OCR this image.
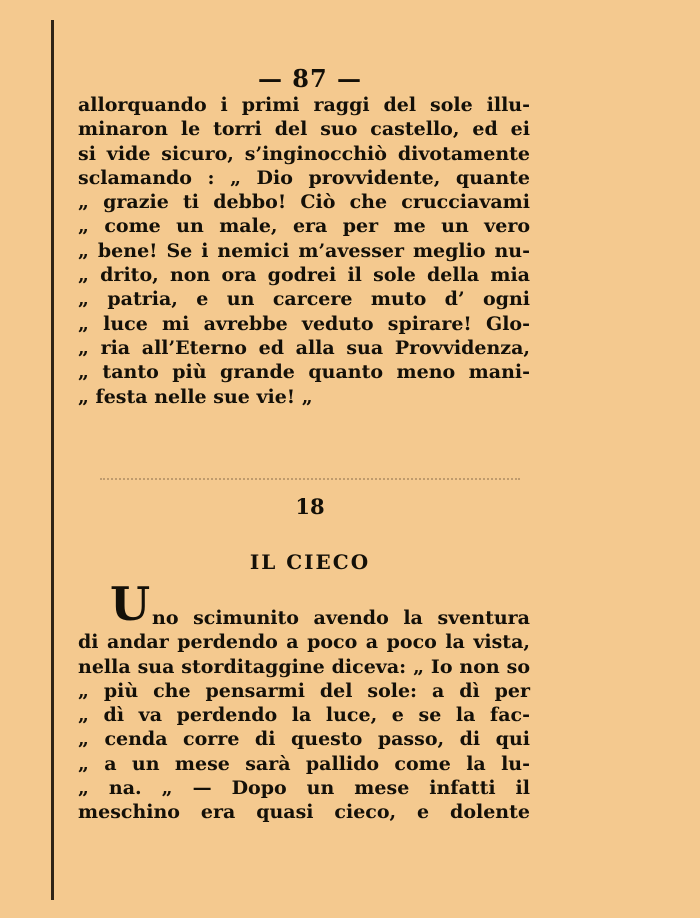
— 87 —
allorquando i primi raggi del sole illu-
minaron le torri del suo castello, ed ei
si vide sicuro, s’inginocchiò divotamente
sclamando : „ Dio provvidente, quante
„ grazie ti debbo! Ciò che crucciavami
„ come un male, era per me un vero
„ bene! Se i nemici m’avesser meglio nu-
„ drito, non ora godrei il sole della mia
„ patria, e un carcere muto d’ ogni
„ luce mi avrebbe veduto spirare! Glo-
„ ria all’Eterno ed alla sua Provvidenza,
„ tanto più grande quanto meno mani-
„ festa nelle sue vie! „
18
IL CIECO
U no scimunito avendo la sventura
di andar perdendo a poco a poco la vista,
nella sua storditaggine diceva: „ Io non so
„ più che pensarmi del sole: a dì per
„ dì va perdendo la luce, e se la fac-
„ cenda corre di questo passo, di qui
„ a un mese sarà pallido come la lu-
„ na. „ — Dopo un mese infatti il
meschino era quasi cieco, e dolente
